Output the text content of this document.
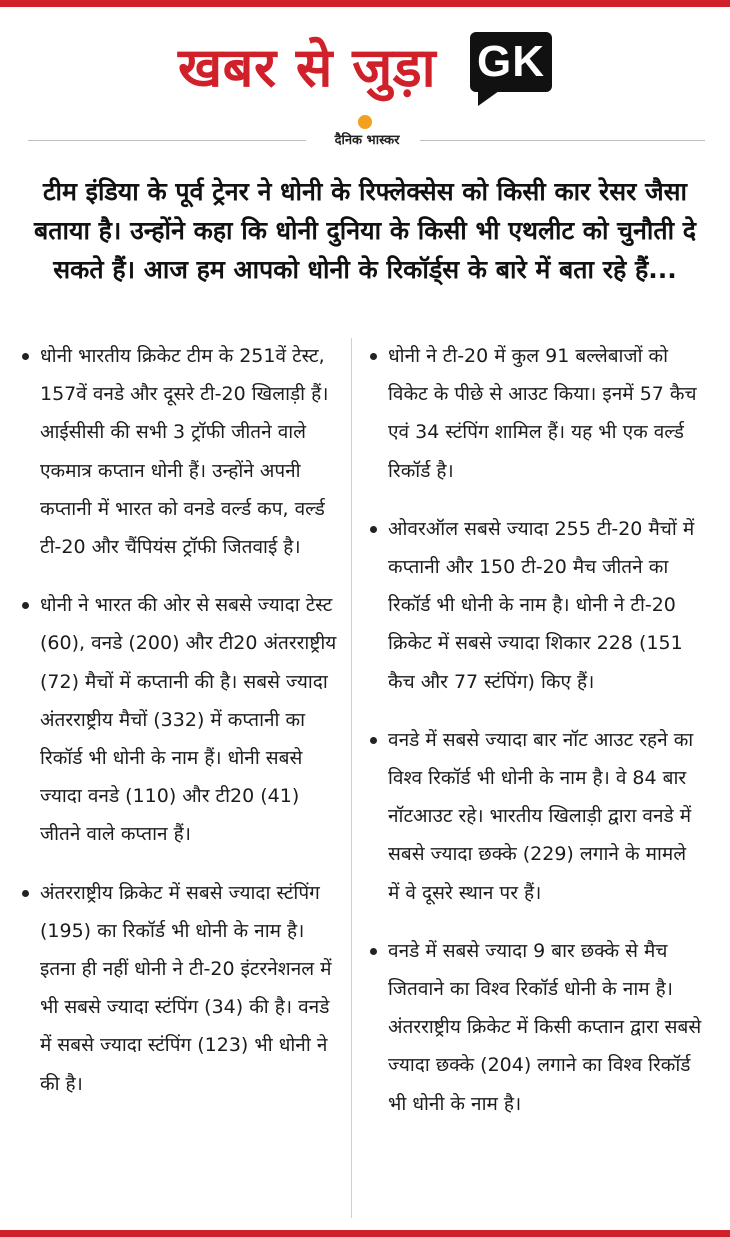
खबर से जुड़ा GK
दैनिक भास्कर
टीम इंडिया के पूर्व ट्रेनर ने धोनी के रिफ्लेक्सेस को किसी कार रेसर जैसा बताया है। उन्होंने कहा कि धोनी दुनिया के किसी भी एथलीट को चुनौती दे सकते हैं। आज हम आपको धोनी के रिकॉर्ड्स के बारे में बता रहे हैं...
धोनी भारतीय क्रिकेट टीम के 251वें टेस्ट, 157वें वनडे और दूसरे टी-20 खिलाड़ी हैं। आईसीसी की सभी 3 ट्रॉफी जीतने वाले एकमात्र कप्तान धोनी हैं। उन्होंने अपनी कप्तानी में भारत को वनडे वर्ल्ड कप, वर्ल्ड टी-20 और चैंपियंस ट्रॉफी जितवाई है।
धोनी ने भारत की ओर से सबसे ज्यादा टेस्ट (60), वनडे (200) और टी20 अंतरराष्ट्रीय (72) मैचों में कप्तानी की है। सबसे ज्यादा अंतरराष्ट्रीय मैचों (332) में कप्तानी का रिकॉर्ड भी धोनी के नाम हैं। धोनी सबसे ज्यादा वनडे (110) और टी20 (41) जीतने वाले कप्तान हैं।
अंतरराष्ट्रीय क्रिकेट में सबसे ज्यादा स्टंपिंग (195) का रिकॉर्ड भी धोनी के नाम है। इतना ही नहीं धोनी ने टी-20 इंटरनेशनल में भी सबसे ज्यादा स्टंपिंग (34) की है। वनडे में सबसे ज्यादा स्टंपिंग (123) भी धोनी ने की है।
धोनी ने टी-20 में कुल 91 बल्लेबाजों को विकेट के पीछे से आउट किया। इनमें 57 कैच एवं 34 स्टंपिंग शामिल हैं। यह भी एक वर्ल्ड रिकॉर्ड है।
ओवरऑल सबसे ज्यादा 255 टी-20 मैचों में कप्तानी और 150 टी-20 मैच जीतने का रिकॉर्ड भी धोनी के नाम है। धोनी ने टी-20 क्रिकेट में सबसे ज्यादा शिकार 228 (151 कैच और 77 स्टंपिंग) किए हैं।
वनडे में सबसे ज्यादा बार नॉट आउट रहने का विश्व रिकॉर्ड भी धोनी के नाम है। वे 84 बार नॉटआउट रहे। भारतीय खिलाड़ी द्वारा वनडे में सबसे ज्यादा छक्के (229) लगाने के मामले में वे दूसरे स्थान पर हैं।
वनडे में सबसे ज्यादा 9 बार छक्के से मैच जितवाने का विश्व रिकॉर्ड धोनी के नाम है। अंतरराष्ट्रीय क्रिकेट में किसी कप्तान द्वारा सबसे ज्यादा छक्के (204) लगाने का विश्व रिकॉर्ड भी धोनी के नाम है।
